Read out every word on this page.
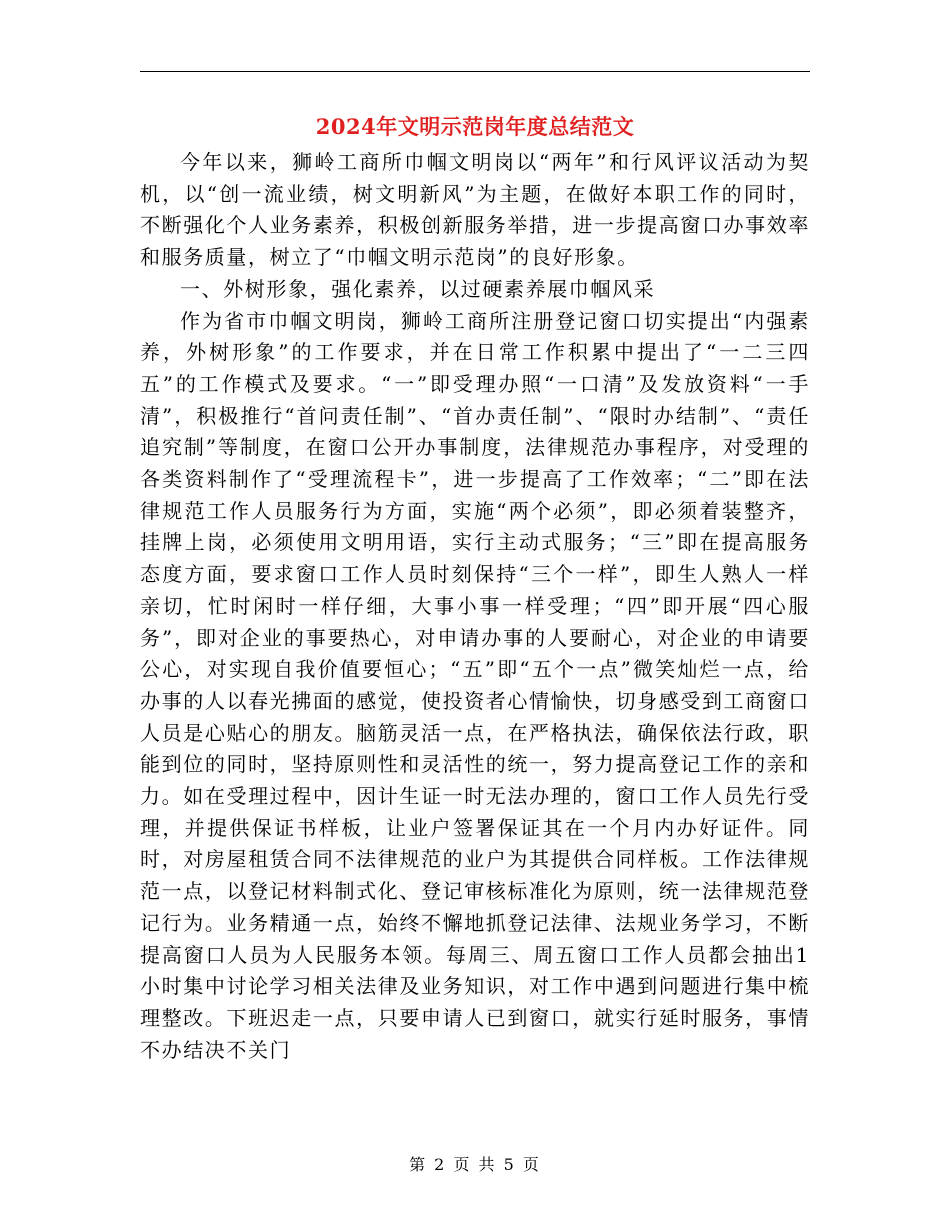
2024年文明示范岗年度总结范文

今年以来，狮岭工商所巾帼文明岗以“两年”和行风评议活动为契机，以“创一流业绩，树文明新风”为主题，在做好本职工作的同时，不断强化个人业务素养，积极创新服务举措，进一步提高窗口办事效率和服务质量，树立了“巾帼文明示范岗”的良好形象。

一、外树形象，强化素养，以过硬素养展巾帼风采

作为省市巾帼文明岗，狮岭工商所注册登记窗口切实提出“内强素养，外树形象”的工作要求，并在日常工作积累中提出了“一二三四五”的工作模式及要求。“一”即受理办照“一口清”及发放资料“一手清”，积极推行“首问责任制”、“首办责任制”、“限时办结制”、“责任追究制”等制度，在窗口公开办事制度，法律规范办事程序，对受理的各类资料制作了“受理流程卡”，进一步提高了工作效率；“二”即在法律规范工作人员服务行为方面，实施“两个必须”，即必须着装整齐，挂牌上岗，必须使用文明用语，实行主动式服务；“三”即在提高服务态度方面，要求窗口工作人员时刻保持“三个一样”，即生人熟人一样亲切，忙时闲时一样仔细，大事小事一样受理；“四”即开展“四心服务”，即对企业的事要热心，对申请办事的人要耐心，对企业的申请要公心，对实现自我价值要恒心；“五”即“五个一点”微笑灿烂一点，给办事的人以春光拂面的感觉，使投资者心情愉快，切身感受到工商窗口人员是心贴心的朋友。脑筋灵活一点，在严格执法，确保依法行政，职能到位的同时，坚持原则性和灵活性的统一，努力提高登记工作的亲和力。如在受理过程中，因计生证一时无法办理的，窗口工作人员先行受理，并提供保证书样板，让业户签署保证其在一个月内办好证件。同时，对房屋租赁合同不法律规范的业户为其提供合同样板。工作法律规范一点，以登记材料制式化、登记审核标准化为原则，统一法律规范登记行为。业务精通一点，始终不懈地抓登记法律、法规业务学习，不断提高窗口人员为人民服务本领。每周三、周五窗口工作人员都会抽出1小时集中讨论学习相关法律及业务知识，对工作中遇到问题进行集中梳理整改。下班迟走一点，只要申请人已到窗口，就实行延时服务，事情不办结决不关门

第 2 页 共 5 页
